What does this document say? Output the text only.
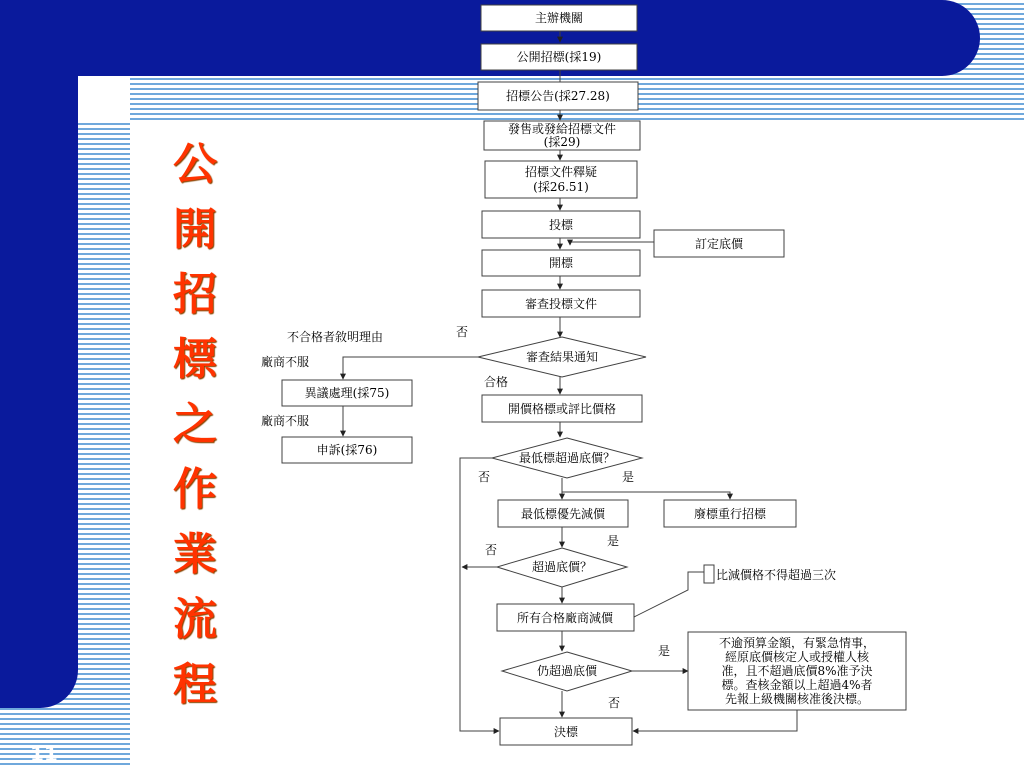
公
開
招
標
之
作
業
流
程
11
主辦機關
公開招標(採19)
招標公告(採27.28)
發售或發給招標文件
(採29)
招標文件釋疑
(採26.51)
投標
訂定底價
開標
審查投標文件
審查結果通知
異議處理(採75)
申訴(採76)
開價格標或評比價格
最低標超過底價？
最低標優先減價	廢標重行招標
超過底價？
比減價格不得超過三次
所有合格廠商減價
仍超過底價
不逾預算金額，有緊急情事，
經原底價核定人或授權人核
准，且不超過底價8%准予決
標。查核金額以上超過4%者
先報上級機關核准後決標。
決標
否
不合格者敘明理由
廠商不服
廠商不服
合格
否	是
否
是
是
否
